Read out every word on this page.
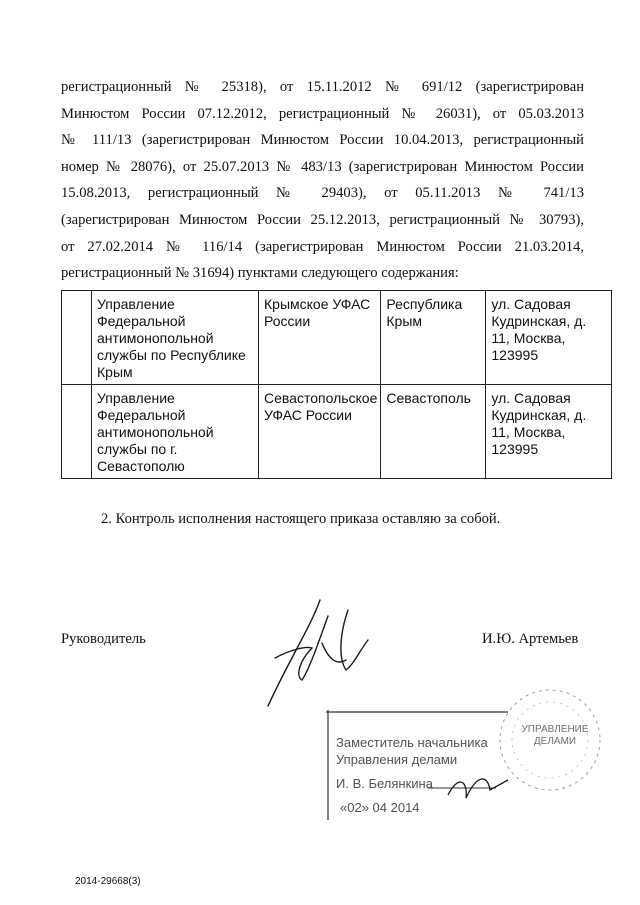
регистрационный № 25318), от 15.11.2012 № 691/12 (зарегистрирован
Минюстом России 07.12.2012, регистрационный № 26031), от 05.03.2013
№ 111/13 (зарегистрирован Минюстом России 10.04.2013, регистрационный
номер № 28076), от 25.07.2013 № 483/13 (зарегистрирован Минюстом России
15.08.2013, регистрационный № 29403), от 05.11.2013 № 741/13
(зарегистрирован Минюстом России 25.12.2013, регистрационный № 30793),
от 27.02.2014 № 116/14 (зарегистрирован Минюстом России 21.03.2014,
регистрационный № 31694) пунктами следующего содержания:
	Управление Федеральной антимонопольной службы по Республике Крым	Крымское УФАС России	Республика Крым	ул. Садовая Кудринская, д. 11, Москва, 123995
	Управление Федеральной антимонопольной службы по г. Севастополю	Севастопольское УФАС России	Севастополь	ул. Садовая Кудринская, д. 11, Москва, 123995
2. Контроль исполнения настоящего приказа оставляю за собой.
Руководитель	И.Ю. Артемьев
Заместитель начальника
Управления делами
И. В. Белянкина
«02» 04 2014
УПРАВЛЕНИЕ ДЕЛАМИ
2014-29668(3)
